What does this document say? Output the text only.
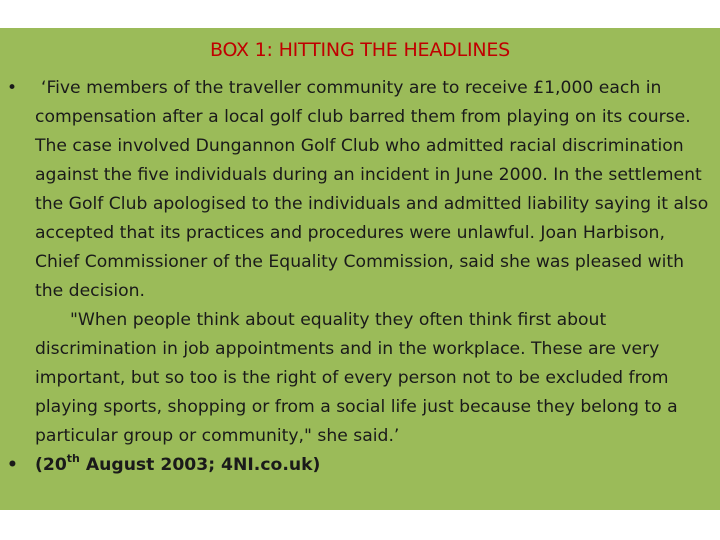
BOX 1: HITTING THE HEADLINES
• ‘Five members of the traveller community are to receive £1,000 each in compensation after a local golf club barred them from playing on its course. The case involved Dungannon Golf Club who admitted racial discrimination against the five individuals during an incident in June 2000. In the settlement the Golf Club apologised to the individuals and admitted liability saying it also accepted that its practices and procedures were unlawful. Joan Harbison, Chief Commissioner of the Equality Commission, said she was pleased with the decision.
"When people think about equality they often think first about discrimination in job appointments and in the workplace. These are very important, but so too is the right of every person not to be excluded from playing sports, shopping or from a social life just because they belong to a particular group or community," she said.’
• (20th August 2003; 4NI.co.uk)
